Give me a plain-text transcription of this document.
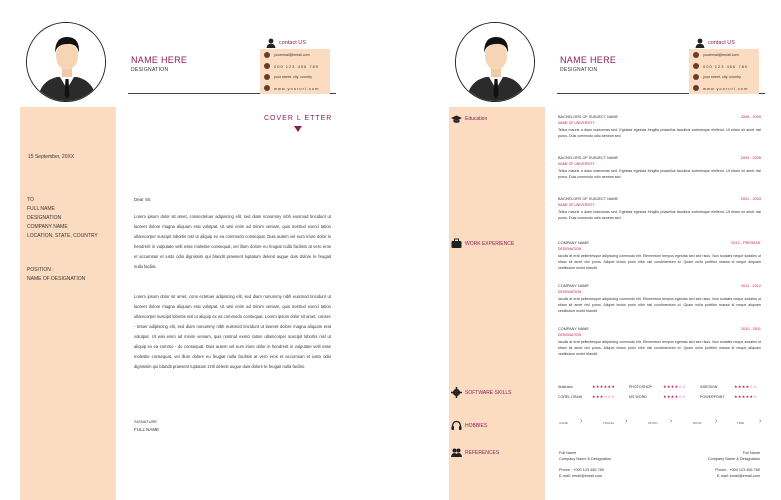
NAME HERE
DESIGNATION
contact US
youremail@email.com
000 123 456 789
your street, city, country
www.yoururl.com
COVER L ETTER
15 September, 20XX
TO
FULL NAME
DESIGNATION
COMPANY NAME
LOCATION, STATE, COUNTRY
POSITION :
NAME OF DESIGNATION
Dear Sir,
Lorem ipsum dolor sit amet, consectetuer adipiscing elit, sed diam nonummy nibh euismod tincidunt ut laoreet dolore magna aliquam erat volutpat. Ut wisi enim ad minim veniam, quis nostrud exerci tation ullamcorper suscipit lobortis nisl ut aliquip ex ea commodo consequat. Duis autem vel eum iriure dolor in hendrerit in vulputate velit esse molestie consequat, vel illum dolore eu feugiat nulla facilisis at vero eros et accumsan et iusto odio dignissim qui blandit praesent luptatum delenit augue duis dolore te feugait nulla facilisi.
Lorem ipsum dolor sit amet, cons ectetuer adipiscing elit, sed diam nonummy nibh euismod tincidunt ut laoreet dolore magna aliquam erat volutpat. Ut wisi enim ad minim veniam, quis nostrud exerci tation ullamcorper suscipit lobortis nisl ut aliquip ex ea commodo consequat. Lorem ipsum dolor sit amet, consec - tetuer adipiscing elit, sed diam nonummy nibh euismod tincidunt ut laoreet dolore magna aliquam erat volutpat. Ut wisi enim ad minim veniam, quis nostrud exerci tation ullamcorper suscipit lobortis nisl ut aliquip ex ea commo - do consequat. Duis autem vel eum iriure dolor in hendrerit in vulputate velit esse molestie consequat, vel illum dolore eu feugiat nulla facilisis at vero eros et accumsan et iusto odio dignissim qui blandit praesent luptatum zzril delenit augue duis dolore te feugait nulla facilisi.
SIGNATURE
FULL NAME
NAME HERE
DESIGNATION
contact US
youremail@email.com
000 123 456 789
your street, city, country
www.yoururl.com
Education
WORK EXPERIENCE
SOFTWARE SKILLS
HOBBIES
REFERENCES
BACHELORS OF SUBJECT NAME	2005 - 2009
NAME OF UNIVERSITY
Tellus mauris a diam maecenas sed. Egestas egestas fringilla phasellus faucibus scelerisque eleifend. Ut etiam sit amet nisl purus. Duis commodo odio aenean sed.
BACHELORS OF SUBJECT NAME	2003 - 2005
NAME OF UNIVERSITY
Tellus mauris a diam maecenas sed. Egestas egestas fringilla phasellus faucibus scelerisque eleifend. Ut etiam sit amet nisl purus. Duis commodo odio aenean sed.
BACHELORS OF SUBJECT NAME	2001 - 2003
NAME OF UNIVERSITY
Tellus mauris a diam maecenas sed. Egestas egestas fringilla phasellus faucibus scelerisque eleifend. Ut etiam sit amet nisl purus. Duis commodo odio aenean sed.
COMPANY NAME	2013 - PRESENT
DESIGNATION
Iaculis at erat pellentesque adipiscing commodo elit. Elementum tempus egestas sed sed risus. Non sodales neque sodales ut etiam sit amet nisl purus. Aliquet lectus proin nibh nisl condimentum id. Quam nulla porttitor massa id neque aliquam vestibulum morbi blandit.
COMPANY NAME	2011 - 2012
DESIGNATION
Iaculis at erat pellentesque adipiscing commodo elit. Elementum tempus egestas sed sed risus. Non sodales neque sodales ut etiam sit amet nisl purus. Aliquet lectus proin nibh nisl condimentum id. Quam nulla porttitor massa id neque aliquam vestibulum morbi blandit.
COMPANY NAME	2010 - 2011
DESIGNATION
Iaculis at erat pellentesque adipiscing commodo elit. Elementum tempus egestas sed sed risus. Non sodales neque sodales ut etiam sit amet nisl purus. Aliquet lectus proin nibh nisl condimentum id. Quam nulla porttitor massa id neque aliquam vestibulum morbi blandit.
Illustrator	★★★★★★	PHOTOSHOP	★★★★☆☆	INDESIGN	★★★★☆☆
COREL DRAW	★★★☆☆☆	MS WORD	★★★★☆☆	POWERPOINT	★★★★★☆
GAME ›	TRAVEL ›	MUSIC ›	BOOK ›	TIME ›
Full Name
Company Name & Designation
Phone : +000 123 456 789
E-mail: email@email.com
Full Name
Company Name & Designation
Phone : +000 123 456 789
E-mail: email@email.com
